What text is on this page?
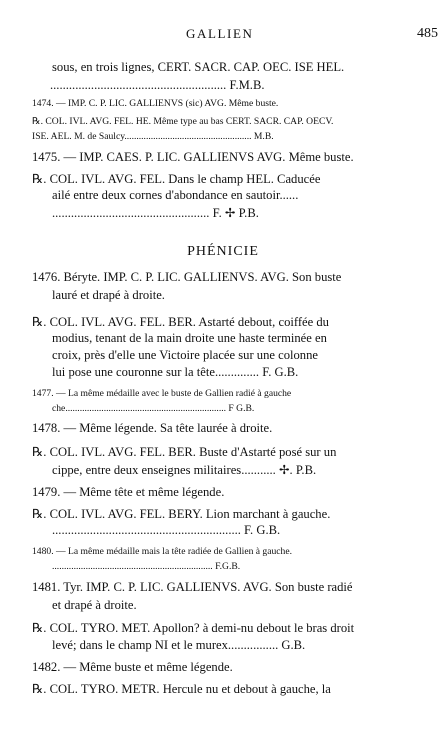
GALLIEN	485
PHÉNICIE
sous, en trois lignes, CERT. SACR. CAP. OEC. ISE HEL.
........................................................ F.M.B.
1474. — IMP. C. P. LIC. GALLIENVS (sic) AVG. Même buste.
℞. COL. IVL. AVG. FEL. HE. Même type au bas CERT. SACR. CAP. OECV.
ISE. AEL. M. de Saulcy..................................................... M.B.
1475. — IMP. CAES. P. LIC. GALLIENVS AVG. Même buste.
℞. COL. IVL. AVG. FEL. Dans le champ HEL. Caducée
ailé entre deux cornes d'abondance en sautoir......
.................................................. F. ✢ P.B.
1476. Béryte. IMP. C. P. LIC. GALLIENVS. AVG. Son buste
lauré et drapé à droite.
℞. COL. IVL. AVG. FEL. BER. Astarté debout, coiffée du
modius, tenant de la main droite une haste terminée en
croix, près d'elle une Victoire placée sur une colonne
lui pose une couronne sur la tête.............. F. G.B.
1477. — La même médaille avec le buste de Gallien radié à gauche
che................................................................... F G.B.
1478. — Même légende. Sa tête laurée à droite.
℞. COL. IVL. AVG. FEL. BER. Buste d'Astarté posé sur un
cippe, entre deux enseignes militaires........... ✢. P.B.
1479. — Même tête et même légende.
℞. COL. IVL. AVG. FEL. BERY. Lion marchant à gauche.
............................................................ F. G.B.
1480. — La même médaille mais la tête radiée de Gallien à gauche.
................................................................... F.G.B.
1481. Tyr. IMP. C. P. LIC. GALLIENVS. AVG. Son buste radié
et drapé à droite.
℞. COL. TYRO. MET. Apollon? à demi-nu debout le bras droit
levé; dans le champ NI et le murex................ G.B.
1482. — Même buste et même légende.
℞. COL. TYRO. METR. Hercule nu et debout à gauche, la
